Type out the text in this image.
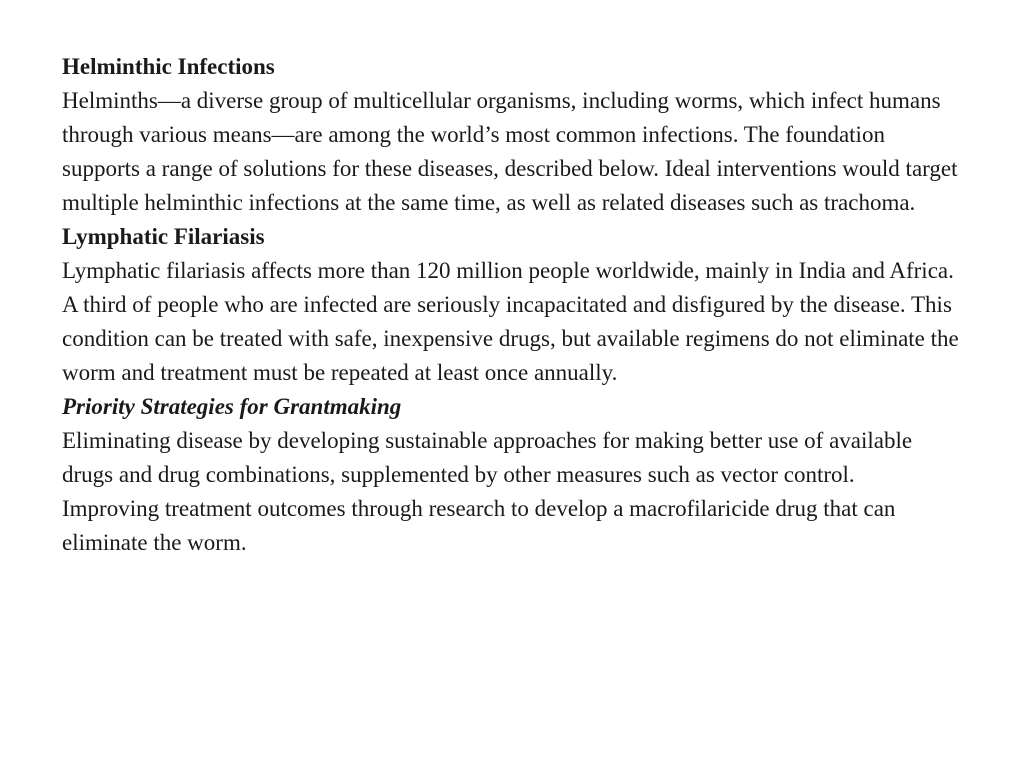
Helminthic Infections

Helminths—a diverse group of multicellular organisms, including worms, which infect humans through various means—are among the world’s most common infections. The foundation supports a range of solutions for these diseases, described below. Ideal interventions would target multiple helminthic infections at the same time, as well as related diseases such as trachoma.

Lymphatic Filariasis

Lymphatic filariasis affects more than 120 million people worldwide, mainly in India and Africa. A third of people who are infected are seriously incapacitated and disfigured by the disease. This condition can be treated with safe, inexpensive drugs, but available regimens do not eliminate the worm and treatment must be repeated at least once annually.

Priority Strategies for Grantmaking

Eliminating disease by developing sustainable approaches for making better use of available drugs and drug combinations, supplemented by other measures such as vector control.

Improving treatment outcomes through research to develop a macrofilaricide drug that can eliminate the worm.
